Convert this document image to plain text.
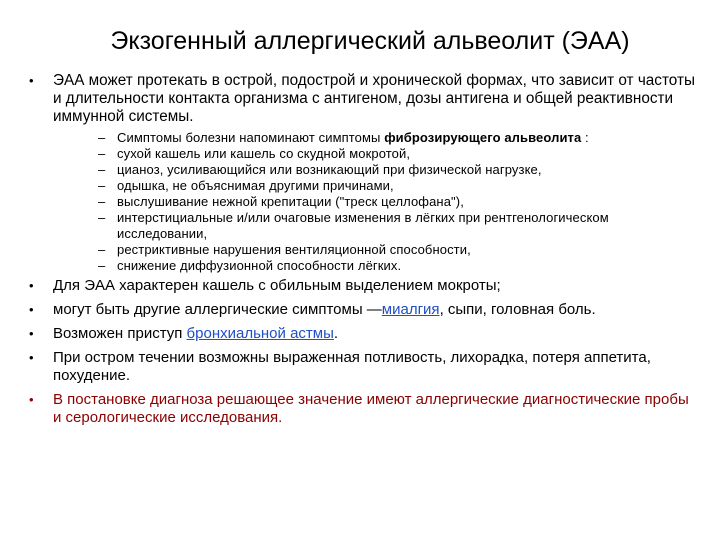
Экзогенный аллергический альвеолит (ЭАА)
• ЭАА может протекать в острой, подострой и хронической формах, что зависит от частоты и длительности контакта организма с антигеном, дозы антигена и общей реактивности иммунной системы.
– Симптомы болезни напоминают симптомы фиброзирующего альвеолита :
– сухой кашель или кашель со скудной мокротой,
– цианоз, усиливающийся или возникающий при физической нагрузке,
– одышка, не объяснимая другими причинами,
– выслушивание нежной крепитации ("треск целлофана"),
– интерстициальные и/или очаговые изменения в лёгких при рентгенологическом исследовании,
– рестриктивные нарушения вентиляционной способности,
– снижение диффузионной способности лёгких.
• Для ЭАА характерен кашель с обильным выделением мокроты;
• могут быть другие аллергические симптомы —миалгия, сыпи, головная боль.
• Возможен приступ бронхиальной астмы.
• При остром течении возможны выраженная потливость, лихорадка, потеря аппетита, похудение.
• В постановке диагноза решающее значение имеют аллергические диагностические пробы и серологические исследования.
